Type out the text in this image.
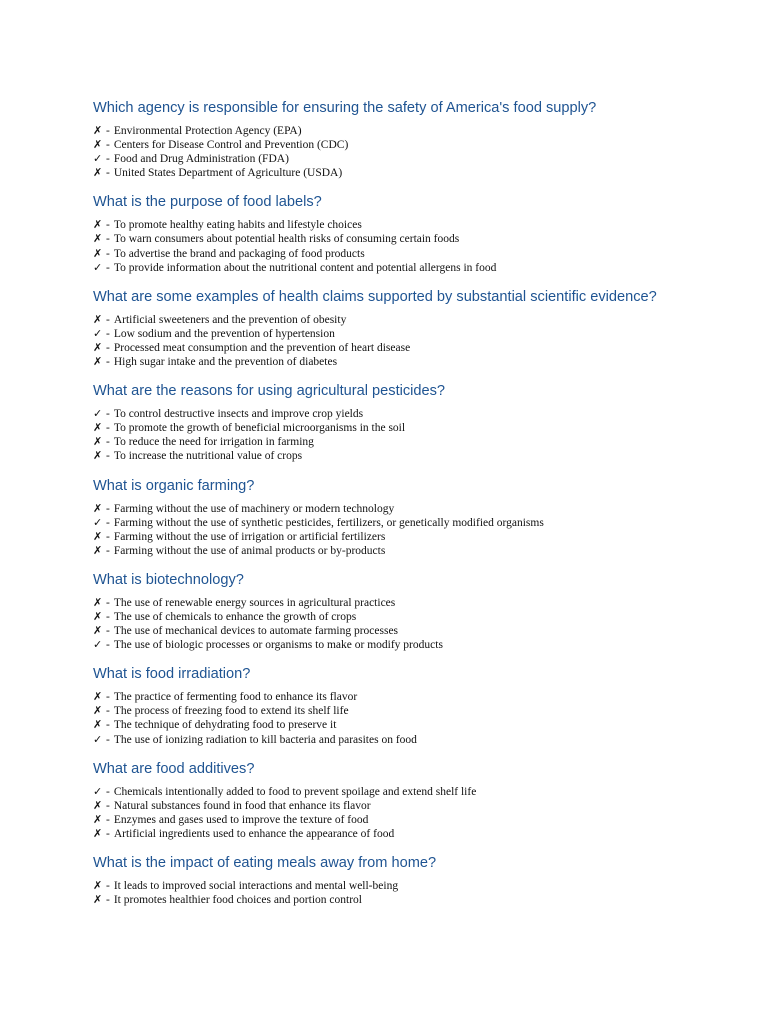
Which agency is responsible for ensuring the safety of America's food supply?
✗ - Environmental Protection Agency (EPA)
✗ - Centers for Disease Control and Prevention (CDC)
✓ - Food and Drug Administration (FDA)
✗ - United States Department of Agriculture (USDA)
What is the purpose of food labels?
✗ - To promote healthy eating habits and lifestyle choices
✗ - To warn consumers about potential health risks of consuming certain foods
✗ - To advertise the brand and packaging of food products
✓ - To provide information about the nutritional content and potential allergens in food
What are some examples of health claims supported by substantial scientific evidence?
✗ - Artificial sweeteners and the prevention of obesity
✓ - Low sodium and the prevention of hypertension
✗ - Processed meat consumption and the prevention of heart disease
✗ - High sugar intake and the prevention of diabetes
What are the reasons for using agricultural pesticides?
✓ - To control destructive insects and improve crop yields
✗ - To promote the growth of beneficial microorganisms in the soil
✗ - To reduce the need for irrigation in farming
✗ - To increase the nutritional value of crops
What is organic farming?
✗ - Farming without the use of machinery or modern technology
✓ - Farming without the use of synthetic pesticides, fertilizers, or genetically modified organisms
✗ - Farming without the use of irrigation or artificial fertilizers
✗ - Farming without the use of animal products or by-products
What is biotechnology?
✗ - The use of renewable energy sources in agricultural practices
✗ - The use of chemicals to enhance the growth of crops
✗ - The use of mechanical devices to automate farming processes
✓ - The use of biologic processes or organisms to make or modify products
What is food irradiation?
✗ - The practice of fermenting food to enhance its flavor
✗ - The process of freezing food to extend its shelf life
✗ - The technique of dehydrating food to preserve it
✓ - The use of ionizing radiation to kill bacteria and parasites on food
What are food additives?
✓ - Chemicals intentionally added to food to prevent spoilage and extend shelf life
✗ - Natural substances found in food that enhance its flavor
✗ - Enzymes and gases used to improve the texture of food
✗ - Artificial ingredients used to enhance the appearance of food
What is the impact of eating meals away from home?
✗ - It leads to improved social interactions and mental well-being
✗ - It promotes healthier food choices and portion control
